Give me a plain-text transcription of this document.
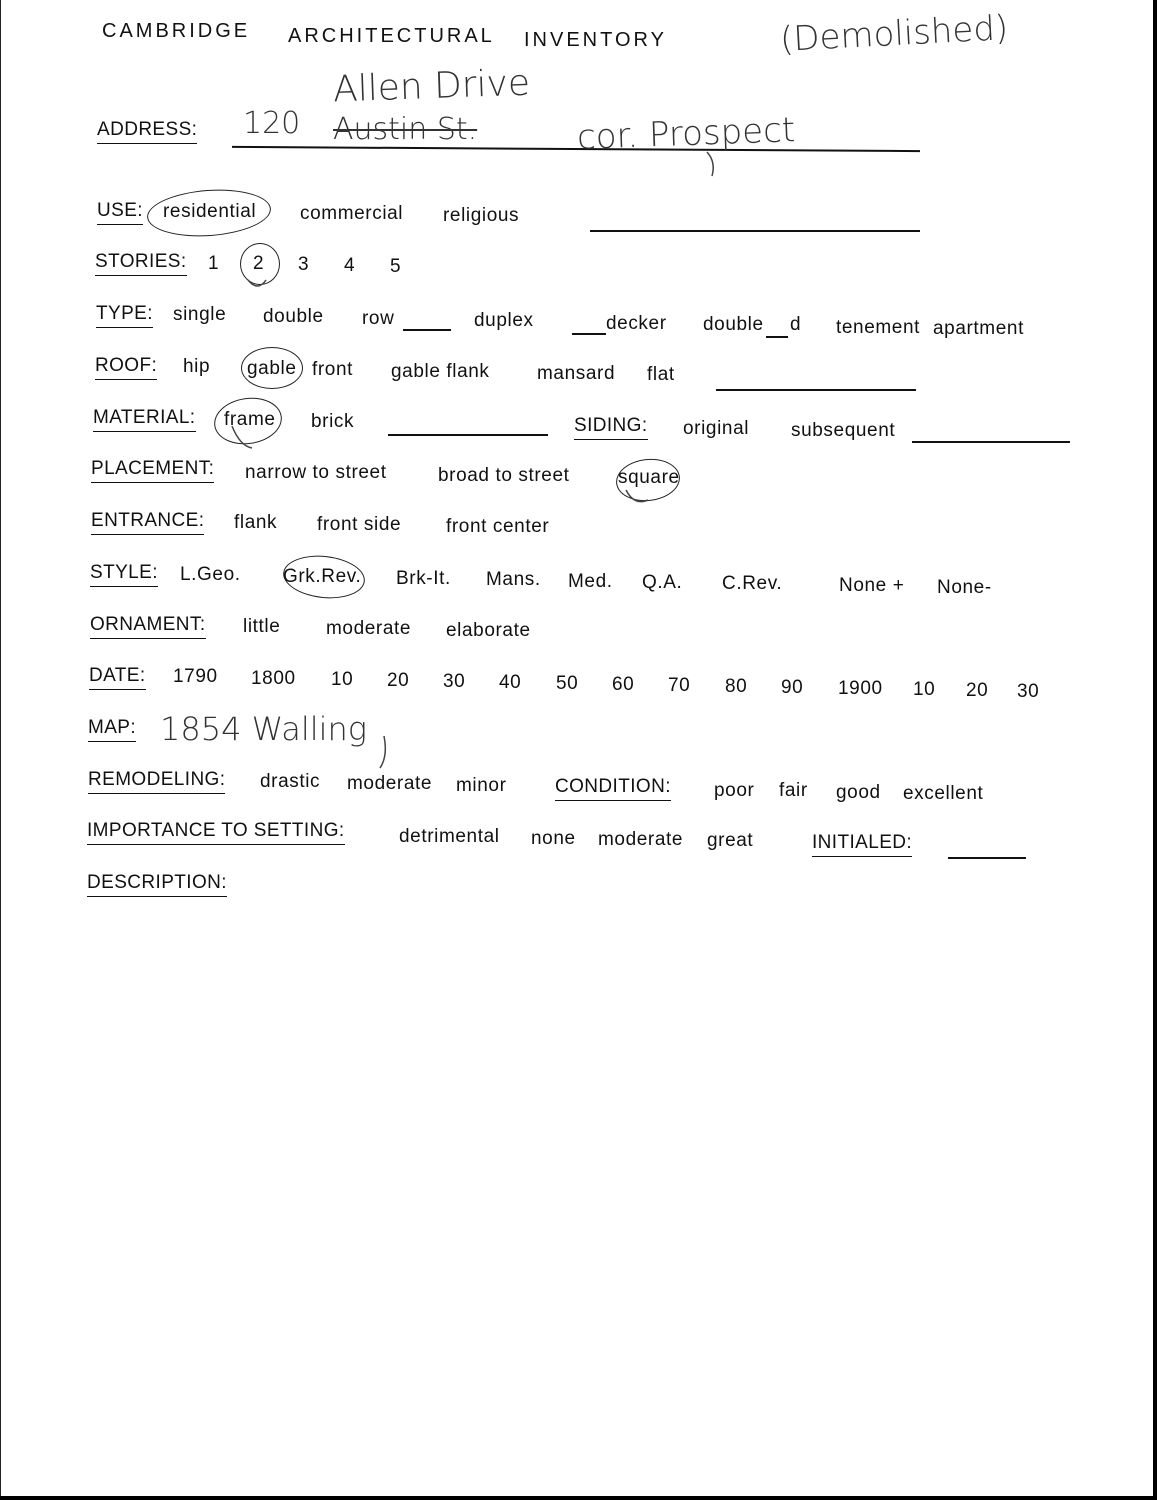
CAMBRIDGE ARCHITECTURAL INVENTORY	(Demolished)
ADDRESS: 120 Austin St.
Allen Drive
cor. Prospect
USE: residential commercial religious
STORIES: 1 2 3 4 5
TYPE: single double row	duplex	decker double d tenement apartment
ROOF: hip gable front gable flank mansard flat
MATERIAL: frame brick	SIDING: original subsequent
PLACEMENT: narrow to street	broad to street	square
ENTRANCE: flank front side front center
STYLE: L.Geo. Grk.Rev. Brk-It. Mans. Med. Q.A. C.Rev.	None + None-
ORNAMENT: little moderate elaborate
DATE: 1790 1800 10 20 30 40 50 60 70 80 90 1900 10 20 30
MAP: 1854 Walling
REMODELING: drastic moderate minor	CONDITION: poor fair good excellent
IMPORTANCE TO SETTING:	detrimental none moderate great	INITIALED:
DESCRIPTION:
